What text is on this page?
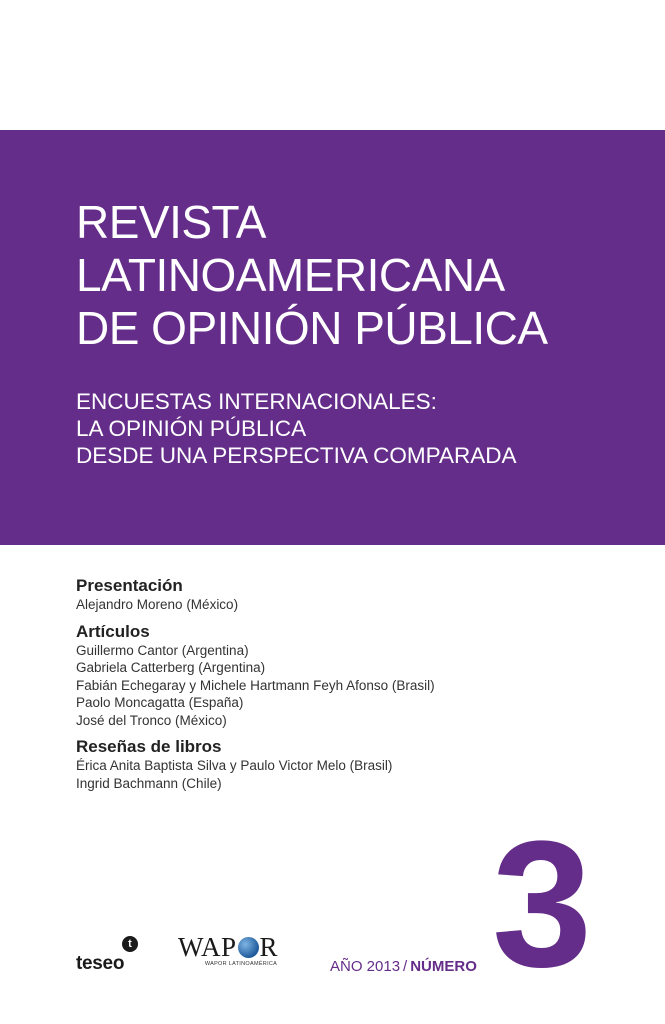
REVISTA
LATINOAMERICANA
DE OPINIÓN PÚBLICA
ENCUESTAS INTERNACIONALES:
LA OPINIÓN PÚBLICA
DESDE UNA PERSPECTIVA COMPARADA
Presentación
Alejandro Moreno (México)
Artículos
Guillermo Cantor (Argentina)
Gabriela Catterberg (Argentina)
Fabián Echegaray y Michele Hartmann Feyh Afonso (Brasil)
Paolo Moncagatta (España)
José del Tronco (México)
Reseñas de libros
Érica Anita Baptista Silva y Paulo Victor Melo (Brasil)
Ingrid Bachmann (Chile)
t
teseo
WAP R
WAPOR LATINOAMÉRICA	AÑO 2013 / NÚMERO 3
